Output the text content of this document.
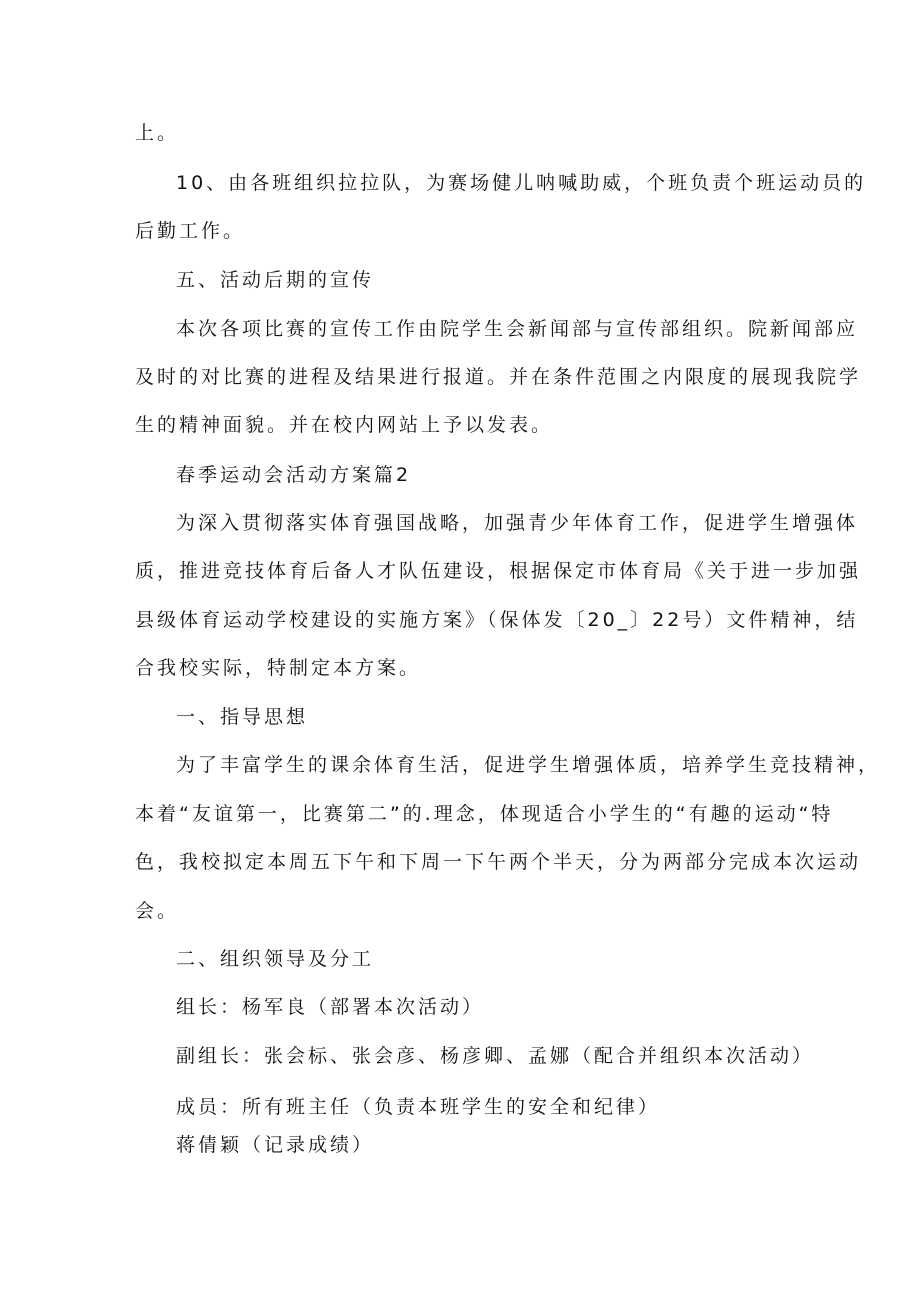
上。
10、由各班组织拉拉队，为赛场健儿呐喊助威，个班负责个班运动员的
后勤工作。
五、活动后期的宣传
本次各项比赛的宣传工作由院学生会新闻部与宣传部组织。院新闻部应
及时的对比赛的进程及结果进行报道。并在条件范围之内限度的展现我院学
生的精神面貌。并在校内网站上予以发表。
春季运动会活动方案篇2
为深入贯彻落实体育强国战略，加强青少年体育工作，促进学生增强体
质，推进竞技体育后备人才队伍建设，根据保定市体育局《关于进一步加强
县级体育运动学校建设的实施方案》（保体发〔20_〕22号）文件精神，结
合我校实际，特制定本方案。
一、指导思想
为了丰富学生的课余体育生活，促进学生增强体质，培养学生竞技精神，
本着“友谊第一，比赛第二”的.理念，体现适合小学生的“有趣的运动“特
色，我校拟定本周五下午和下周一下午两个半天，分为两部分完成本次运动
会。
二、组织领导及分工
组长：杨军良（部署本次活动）
副组长：张会标、张会彦、杨彦卿、孟娜（配合并组织本次活动）
成员：所有班主任（负责本班学生的安全和纪律）
蒋倩颖（记录成绩）
